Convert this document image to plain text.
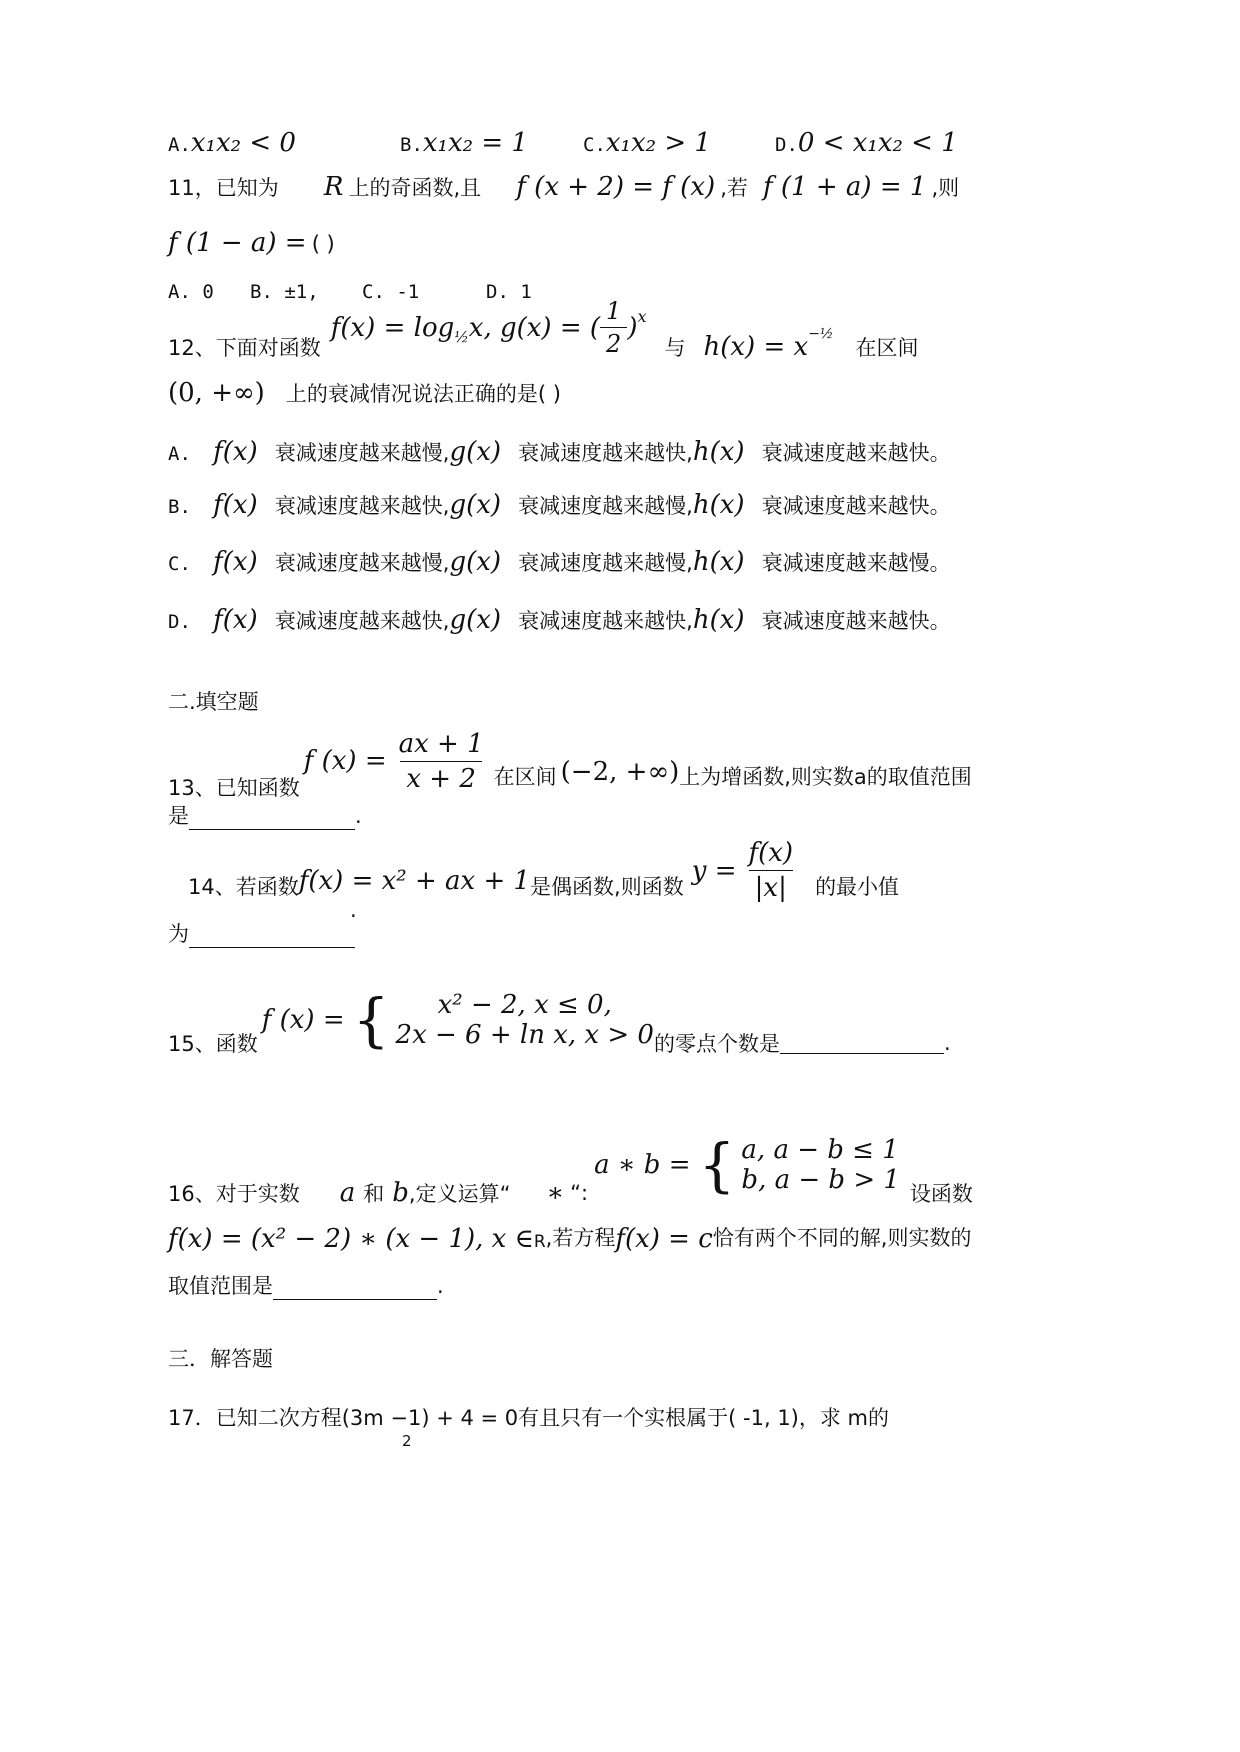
A.x₁x₂ < 0	B.x₁x₂ = 1	C.x₁x₂ > 1	D.0 < x₁x₂ < 1
11，已知为 R 上的奇函数,且 f (x + 2) = f (x) ,若 f (1 + a) = 1 ,则
f (1 − a) = ( )
A. 0 B. ±1, C. -1	D. 1
12、下面对函数
f(x) = log ½ x, g(x) = ( $\frac{1}{2}$ ) x
与 h(x) = x −½
在区间
(0, +∞) 上的衰减情况说法正确的是( )
A. f(x) 衰减速度越来越慢,g(x) 衰减速度越来越快,h(x) 衰减速度越来越快。
B. f(x) 衰减速度越来越快,g(x) 衰减速度越来越慢,h(x) 衰减速度越来越快。
C. f(x) 衰减速度越来越慢,g(x) 衰减速度越来越慢,h(x) 衰减速度越来越慢。
D. f(x) 衰减速度越来越快,g(x) 衰减速度越来越快,h(x) 衰减速度越来越快。
二.填空题
13、已知函数
f $(x) = \frac{ax + 1}{x + 2}$ 在区间 (−2, +∞) 上为增函数,则实数a的取值范围
是	.
14、若函数 f(x) = x² + ax + 1 是偶函数,则函数
$y = \frac{f(x)}{|x|}$ 的最小值
.
为
15、函数
f (x) = { x² − 2, x ≤ 0,
2x − 6 + ln x, x > 0 的零点个数是	.
16、对于实数 a 和 b ,定义运算“ ∗ “:
a ∗ b = { a, a − b ≤ 1
b, a − b > 1 设函数
f(x) = (x² − 2) ∗ (x − 1), x ∈ R ,若方程 f(x) = c 恰有两个不同的解,则实数的
取值范围是	.
三．解答题
17．已知二次方程(3m −1) + 4 = 0有且只有一个实根属于( -1, 1)，求 m的
2
